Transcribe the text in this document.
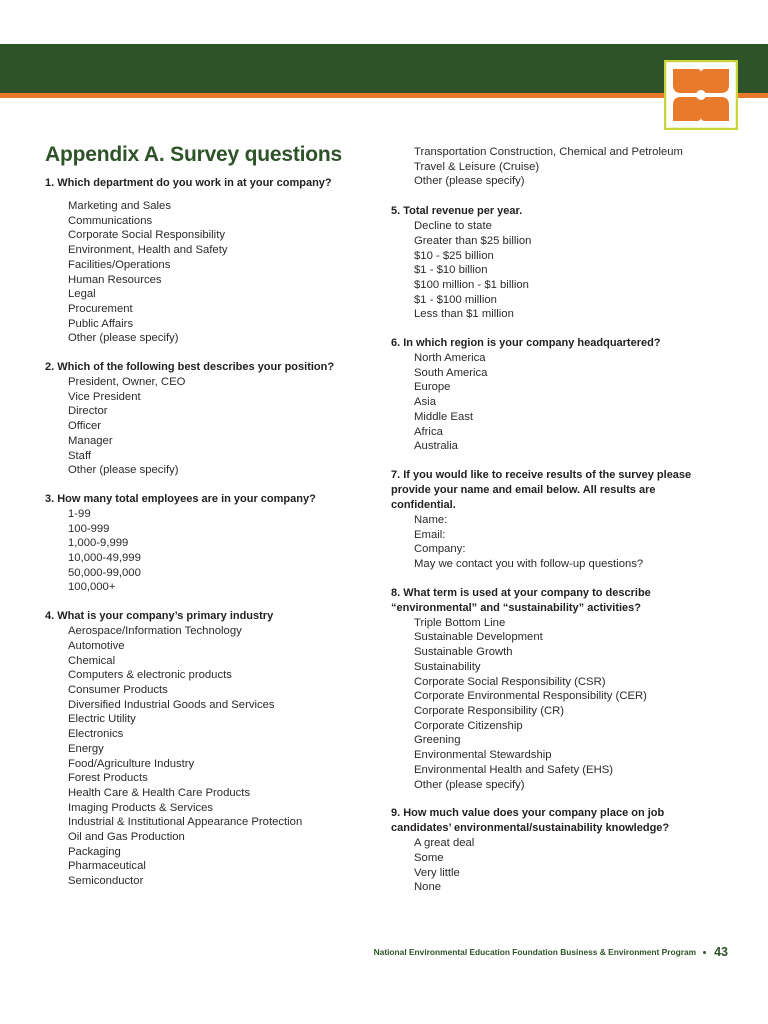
Appendix A. Survey questions
1. Which department do you work in at your company?
Marketing and Sales
Communications
Corporate Social Responsibility
Environment, Health and Safety
Facilities/Operations
Human Resources
Legal
Procurement
Public Affairs
Other (please specify)
2. Which of the following best describes your position?
President, Owner, CEO
Vice President
Director
Officer
Manager
Staff
Other (please specify)
3. How many total employees are in your company?
1-99
100-999
1,000-9,999
10,000-49,999
50,000-99,000
100,000+
4. What is your company’s primary industry
Aerospace/Information Technology
Automotive
Chemical
Computers & electronic products
Consumer Products
Diversified Industrial Goods and Services
Electric Utility
Electronics
Energy
Food/Agriculture Industry
Forest Products
Health Care & Health Care Products
Imaging Products & Services
Industrial & Institutional Appearance Protection
Oil and Gas Production
Packaging
Pharmaceutical
Semiconductor
Transportation Construction, Chemical and Petroleum
Travel & Leisure (Cruise)
Other (please specify)
5. Total revenue per year.
Decline to state
Greater than $25 billion
$10 - $25 billion
$1 - $10 billion
$100 million - $1 billion
$1 - $100 million
Less than $1 million
6. In which region is your company headquartered?
North America
South America
Europe
Asia
Middle East
Africa
Australia
7. If you would like to receive results of the survey please provide your name and email below. All results are confidential.
Name:
Email:
Company:
May we contact you with follow-up questions?
8. What term is used at your company to describe “environmental” and “sustainability” activities?
Triple Bottom Line
Sustainable Development
Sustainable Growth
Sustainability
Corporate Social Responsibility (CSR)
Corporate Environmental Responsibility (CER)
Corporate Responsibility (CR)
Corporate Citizenship
Greening
Environmental Stewardship
Environmental Health and Safety (EHS)
Other (please specify)
9. How much value does your company place on job candidates’ environmental/sustainability knowledge?
A great deal
Some
Very little
None
National Environmental Education Foundation Business & Environment Program 43
